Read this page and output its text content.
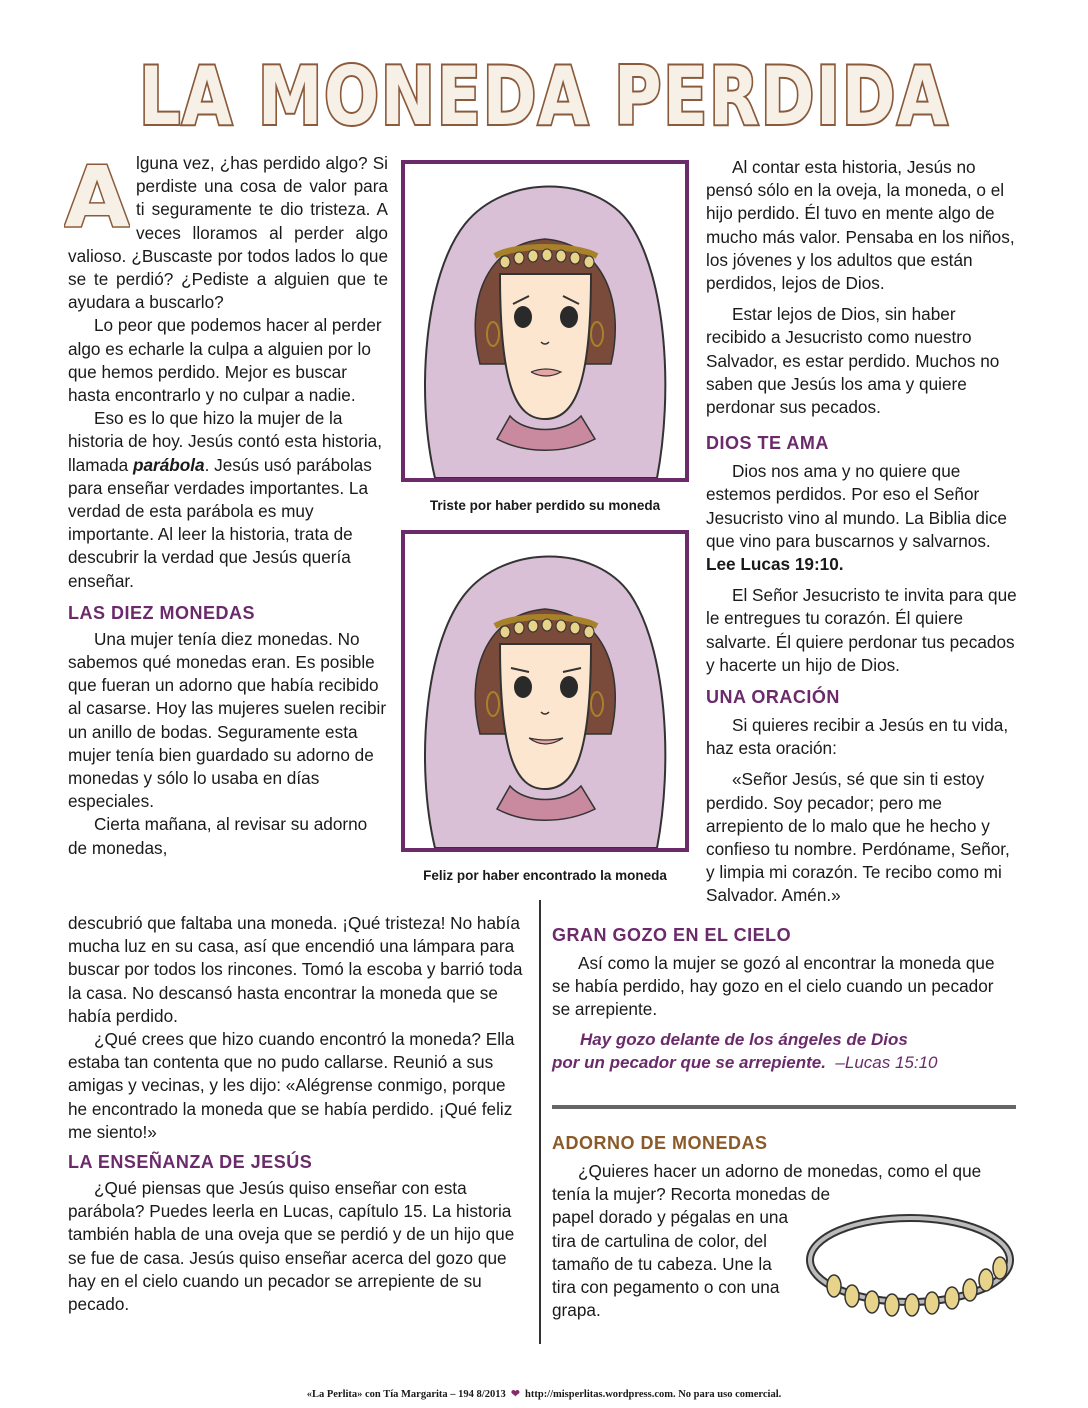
LA MONEDA PERDIDA
A lguna vez, ¿has perdido algo? Si perdiste una cosa de valor para ti seguramente te dio tristeza. A veces lloramos al perder algo valioso. ¿Buscaste por todos lados lo que se te perdió? ¿Pediste a alguien que te ayudara a buscarlo?

Lo peor que podemos hacer al perder algo es echarle la culpa a alguien por lo que hemos perdido. Mejor es buscar hasta encontrarlo y no culpar a nadie.

Eso es lo que hizo la mujer de la historia de hoy. Jesús contó esta historia, llamada parábola. Jesús usó parábolas para enseñar verdades importantes. La verdad de esta parábola es muy importante. Al leer la historia, trata de descubrir la verdad que Jesús quería enseñar.

LAS DIEZ MONEDAS

Una mujer tenía diez monedas. No sabemos qué monedas eran. Es posible que fueran un adorno que había recibido al casarse. Hoy las mujeres suelen recibir un anillo de bodas. Seguramente esta mujer tenía bien guardado su adorno de monedas y sólo lo usaba en días especiales.

Cierta mañana, al revisar su adorno de monedas,

descubrió que faltaba una moneda. ¡Qué tristeza! No había mucha luz en su casa, así que encendió una lámpara para buscar por todos los rincones. Tomó la escoba y barrió toda la casa. No descansó hasta encontrar la moneda que se había perdido.

¿Qué crees que hizo cuando encontró la moneda? Ella estaba tan contenta que no pudo callarse. Reunió a sus amigas y vecinas, y les dijo: «Alégrense conmigo, porque he encontrado la moneda que se había perdido. ¡Qué feliz me siento!»

LA ENSEÑANZA DE JESÚS

¿Qué piensas que Jesús quiso enseñar con esta parábola? Puedes leerla en Lucas, capítulo 15. La historia también habla de una oveja que se perdió y de un hijo que se fue de casa. Jesús quiso enseñar acerca del gozo que hay en el cielo cuando un pecador se arrepiente de su pecado.

Triste por haber perdido su moneda
Feliz por haber encontrado la moneda

Al contar esta historia, Jesús no pensó sólo en la oveja, la moneda, o el hijo perdido. Él tuvo en mente algo de mucho más valor. Pensaba en los niños, los jóvenes y los adultos que están perdidos, lejos de Dios.

Estar lejos de Dios, sin haber recibido a Jesucristo como nuestro Salvador, es estar perdido. Muchos no saben que Jesús los ama y quiere perdonar sus pecados.

DIOS TE AMA

Dios nos ama y no quiere que estemos perdidos. Por eso el Señor Jesucristo vino al mundo. La Biblia dice que vino para buscarnos y salvarnos. Lee Lucas 19:10.

El Señor Jesucristo te invita para que le entregues tu corazón. Él quiere salvarte. Él quiere perdonar tus pecados y hacerte un hijo de Dios.

UNA ORACIÓN

Si quieres recibir a Jesús en tu vida, haz esta oración:

«Señor Jesús, sé que sin ti estoy perdido. Soy pecador; pero me arrepiento de lo malo que he hecho y confieso tu nombre. Perdóname, Señor, y limpia mi corazón. Te recibo como mi Salvador. Amén.»

GRAN GOZO EN EL CIELO

Así como la mujer se gozó al encontrar la moneda que se había perdido, hay gozo en el cielo cuando un pecador se arrepiente.

Hay gozo delante de los ángeles de Dios

por un pecador que se arrepiente. –Lucas 15:10

ADORNO DE MONEDAS

¿Quieres hacer un adorno de monedas, como el que tenía la mujer? Recorta monedas de

papel dorado y pégalas en una tira de cartulina de color, del tamaño de tu cabeza. Une la tira con pegamento o con una grapa.

«La Perlita» con Tía Margarita – 194 8/2013 ❤ http://misperlitas.wordpress.com. No para uso comercial.
